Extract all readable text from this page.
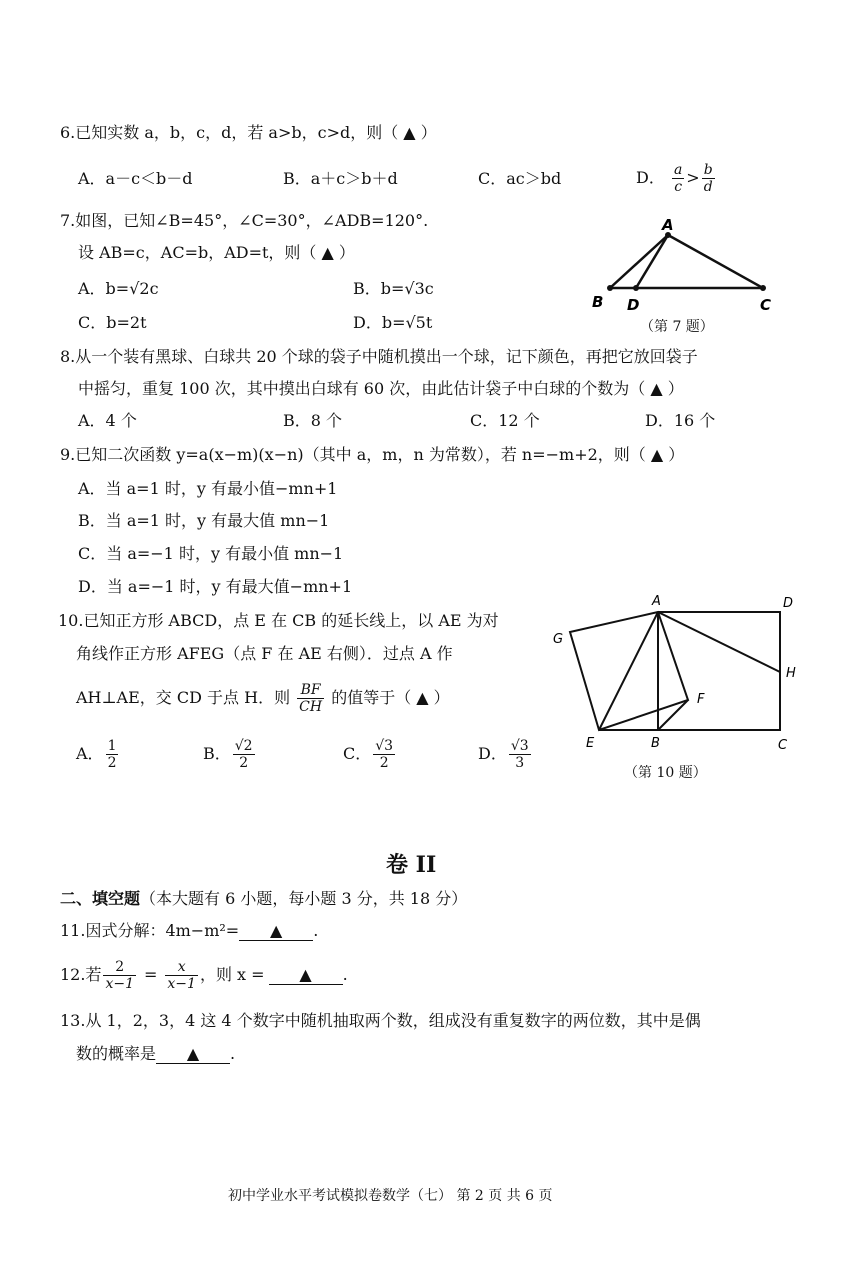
6.已知实数 a，b，c，d，若 a>b，c>d，则（ ▲ ）
A．a－c＜b－d	B．a＋c＞b＋d	C．ac＞bd	D． $\frac{a}{c} > \frac{b}{d}$
7.如图，已知∠B=45°，∠C=30°，∠ADB=120°.
设 AB=c，AC=b，AD=t，则（ ▲ ）
A．b=√2c	B．b=√3c
C．b=2t	D．b=√5t
A
B D	C
（第 7 题）
8.从一个装有黑球、白球共 20 个球的袋子中随机摸出一个球，记下颜色，再把它放回袋子
中摇匀，重复 100 次，其中摸出白球有 60 次，由此估计袋子中白球的个数为（ ▲ ）
A．4 个	B．8 个	C．12 个	D．16 个
9.已知二次函数 y=a(x−m)(x−n)（其中 a，m，n 为常数），若 n=−m+2，则（ ▲ ）
A．当 a=1 时，y 有最小值−mn+1
B．当 a=1 时，y 有最大值 mn−1
C．当 a=−1 时，y 有最小值 mn−1
D．当 a=−1 时，y 有最大值−mn+1
10.已知正方形 ABCD，点 E 在 CB 的延长线上，以 AE 为对
角线作正方形 AFEG（点 F 在 AE 右侧）．过点 A 作
AH⊥AE，交 CD 于点 H．则 $\frac{BF}{CH}$ 的值等于（ ▲ ）
A． $\frac{1}{2}$	B． $\frac{√2}{2}$	C． $\frac{√3}{2}$	D． $\frac{√3}{3}$
A	D
G
H
F
E	B	C
（第 10 题）
卷 II
二、填空题（本大题有 6 小题，每小题 3 分，共 18 分）
11.因式分解：4m−m²= ▲ .
12.若 $\frac{2}{x-1} = \frac{x}{x-1}$ ，则 x = ▲ .
13.从 1，2，3，4 这 4 个数字中随机抽取两个数，组成没有重复数字的两位数，其中是偶
数的概率是 ▲ .
初中学业水平考试模拟卷数学（七） 第 2 页 共 6 页
